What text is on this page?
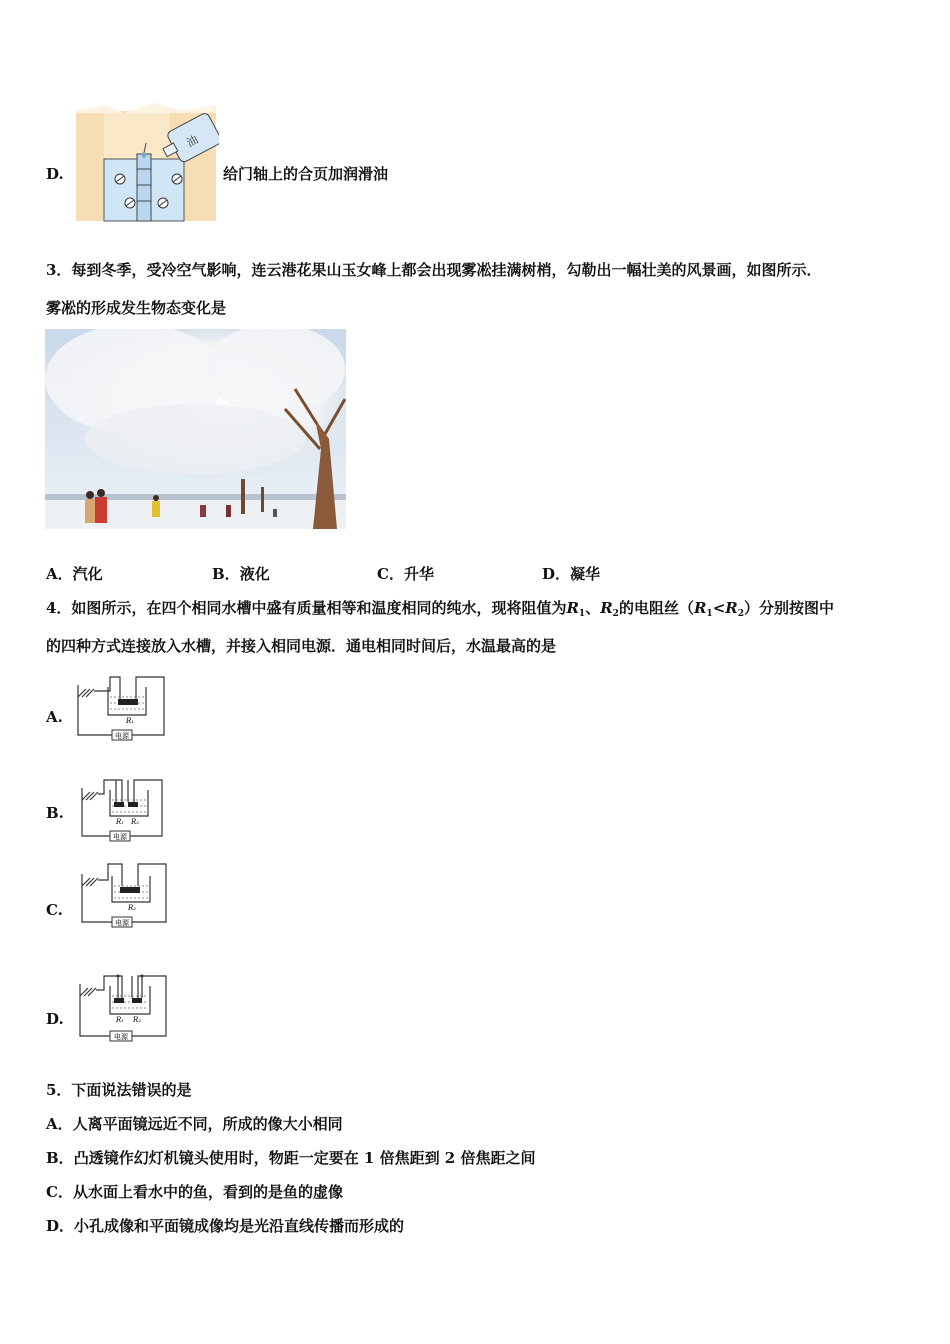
D.
油
给门轴上的合页加润滑油
3．每到冬季，受冷空气影响，连云港花果山玉女峰上都会出现雾凇挂满树梢，勾勒出一幅壮美的风景画，如图所示．
雾凇的形成发生物态变化是
A．汽化	B．液化	C．升华	D．凝华
4．如图所示，在四个相同水槽中盛有质量相等和温度相同的纯水，现将阻值为$R_1$、$R_2$的电阻丝$(R_1<R_2)$分别按图中
的四种方式连接放入水槽，并接入相同电源．通电相同时间后，水温最高的是
A.	R₁
电源
B.	R₁ R₂
电源
C.	R₂
电源
D.	R₁ R₂
电源
5．下面说法错误的是
A．人离平面镜远近不同，所成的像大小相同
B．凸透镜作幻灯机镜头使用时，物距一定要在 1 倍焦距到 2 倍焦距之间
C．从水面上看水中的鱼，看到的是鱼的虚像
D．小孔成像和平面镜成像均是光沿直线传播而形成的
